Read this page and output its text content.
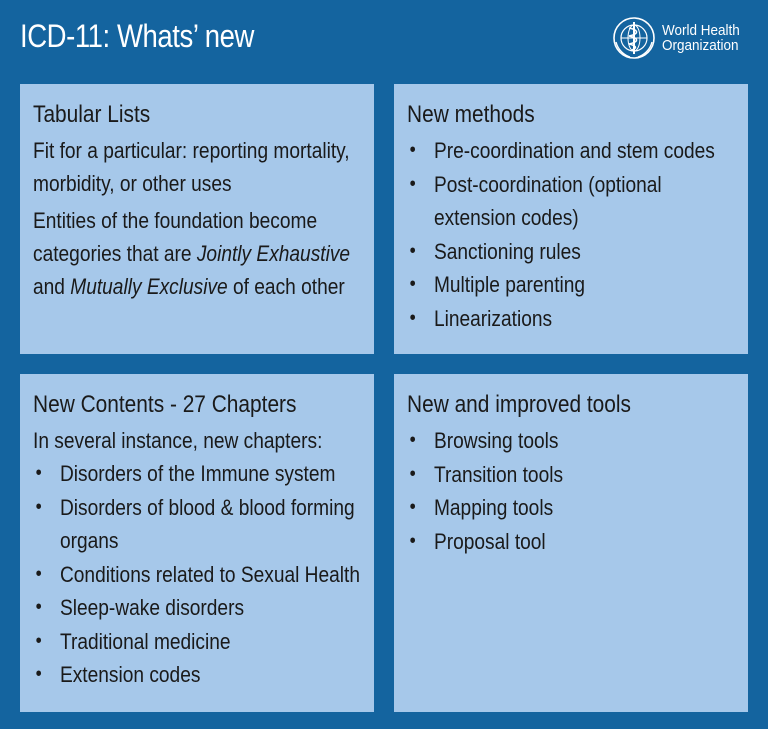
ICD-11: Whats’ new	World Health
Organization
Tabular Lists
Fit for a particular: reporting mortality,
morbidity, or other uses
Entities of the foundation become
categories that are Jointly Exhaustive
and Mutually Exclusive of each other
New methods
• Pre-coordination and stem codes
• Post-coordination (optional
extension codes)
• Sanctioning rules
• Multiple parenting
• Linearizations
New Contents - 27 Chapters
In several instance, new chapters:
• Disorders of the Immune system
• Disorders of blood & blood forming
organs
• Conditions related to Sexual Health
• Sleep-wake disorders
• Traditional medicine
• Extension codes
New and improved tools
• Browsing tools
• Transition tools
• Mapping tools
• Proposal tool
